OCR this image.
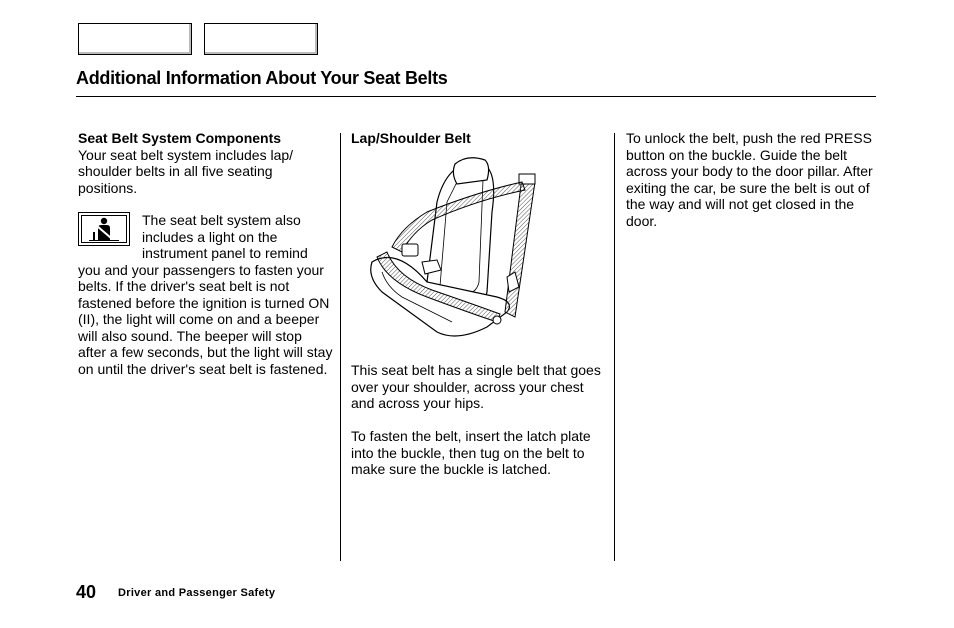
Additional Information About Your Seat Belts

Seat Belt System Components

Your seat belt system includes lap/ shoulder belts in all five seating positions.

The seat belt system also includes a light on the instrument panel to remind you and your passengers to fasten your belts. If the driver's seat belt is not fastened before the ignition is turned ON (II), the light will come on and a beeper will also sound. The beeper will stop after a few seconds, but the light will stay on until the driver's seat belt is fastened.

Lap/Shoulder Belt

This seat belt has a single belt that goes over your shoulder, across your chest and across your hips.

To fasten the belt, insert the latch plate into the buckle, then tug on the belt to make sure the buckle is latched.

To unlock the belt, push the red PRESS button on the buckle. Guide the belt across your body to the door pillar. After exiting the car, be sure the belt is out of the way and will not get closed in the door.

40 Driver and Passenger Safety
